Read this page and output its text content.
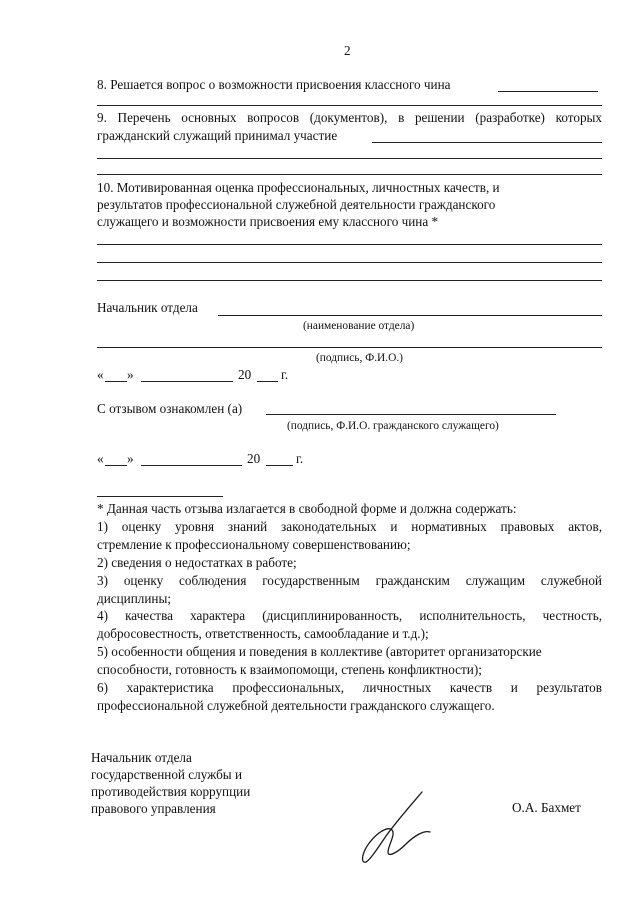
2
8. Решается вопрос о возможности присвоения классного чина
9. Перечень основных вопросов (документов), в решении (разработке) которых
гражданский служащий принимал участие
10. Мотивированная оценка профессиональных, личностных качеств, и
результатов профессиональной служебной деятельности гражданского
служащего и возможности присвоения ему классного чина *
Начальник отдела
(наименование отдела)
(подпись, Ф.И.О.)
« »	20 г.
С отзывом ознакомлен (а)
(подпись, Ф.И.О. гражданского служащего)
« »	20	г.
* Данная часть отзыва излагается в свободной форме и должна содержать:
1) оценку уровня знаний законодательных и нормативных правовых актов,
стремление к профессиональному совершенствованию;
2) сведения о недостатках в работе;
3) оценку соблюдения государственным гражданским служащим служебной
дисциплины;
4) качества характера (дисциплинированность, исполнительность, честность,
добросовестность, ответственность, самообладание и т.д.);
5) особенности общения и поведения в коллективе (авторитет организаторские
способности, готовность к взаимопомощи, степень конфликтности);
6) характеристика профессиональных, личностных качеств и результатов
профессиональной служебной деятельности гражданского служащего.
Начальник отдела
государственной службы и
противодействия коррупции
правового управления	О.А. Бахмет
